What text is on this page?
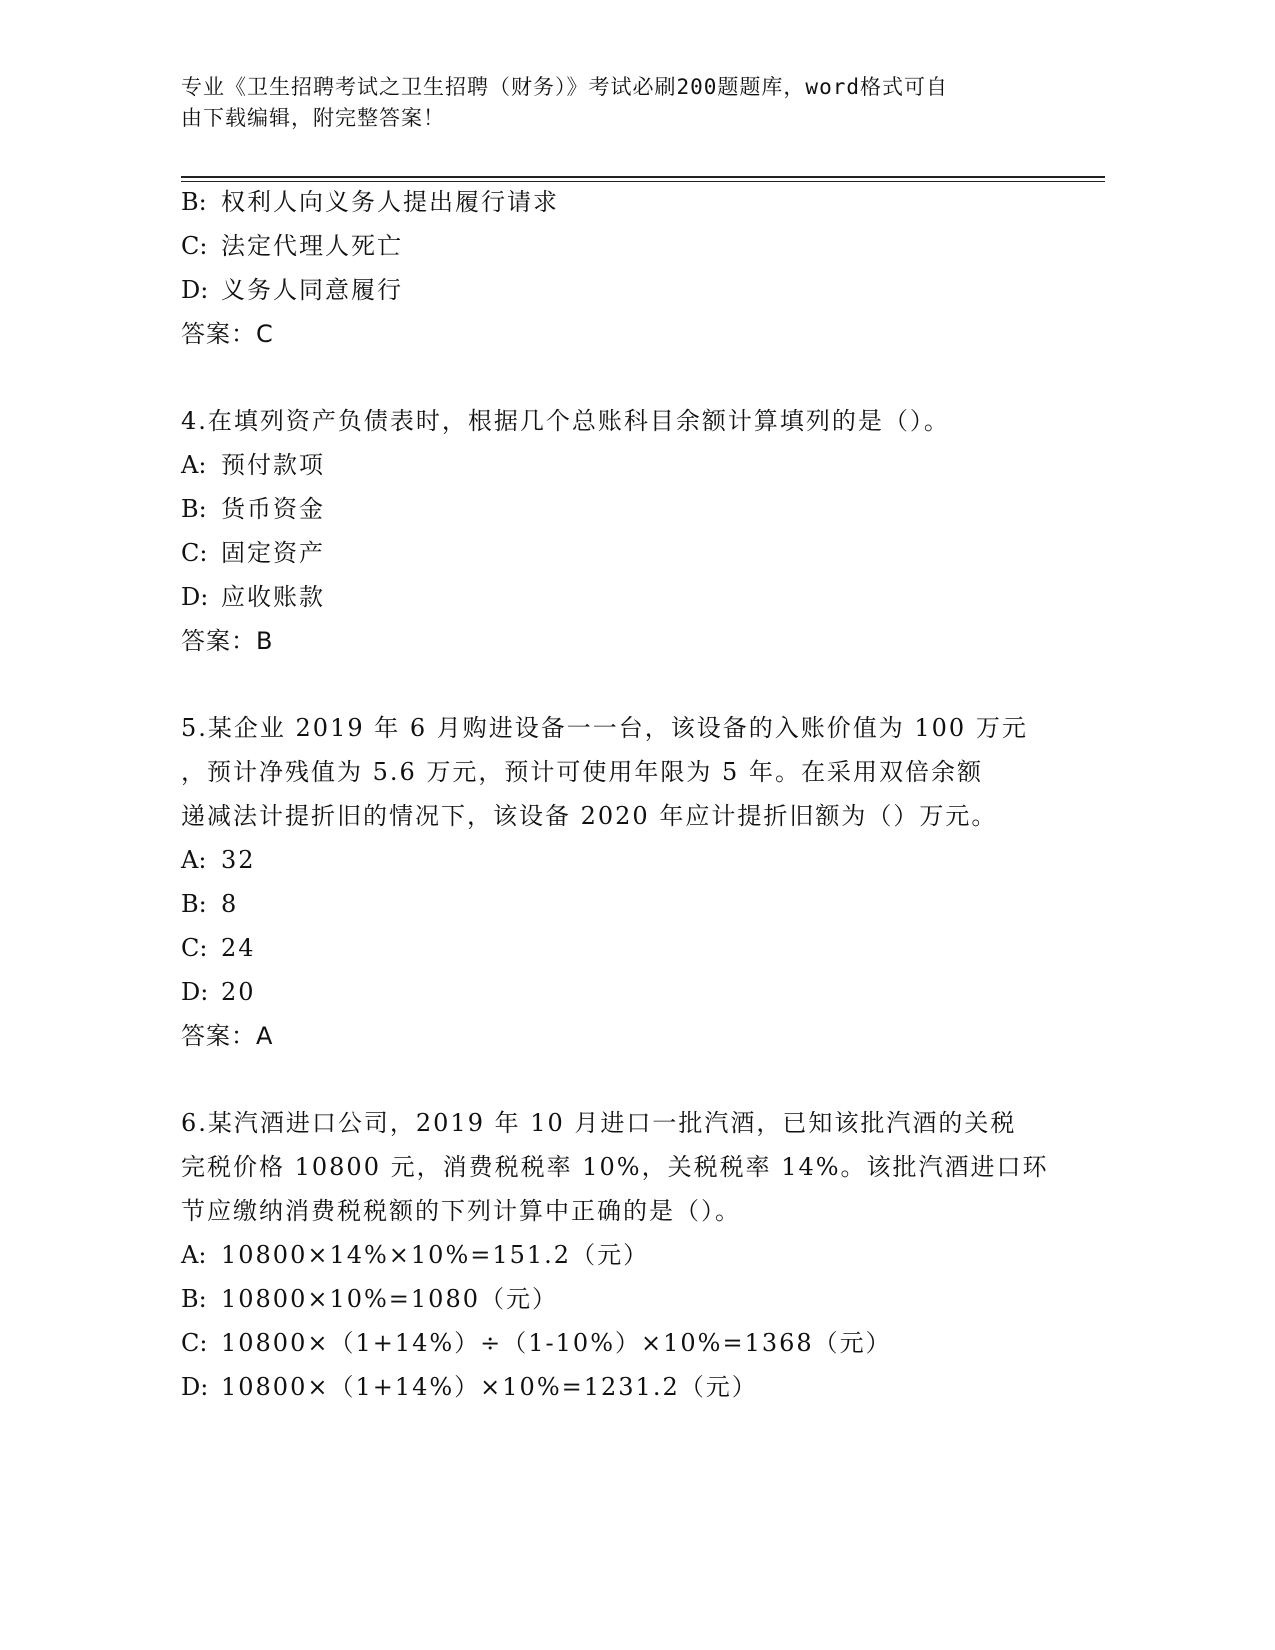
专业《卫生招聘考试之卫生招聘（财务）》考试必刷200题题库，word格式可自
由下载编辑，附完整答案！
B: 权利人向义务人提出履行请求
C: 法定代理人死亡
D: 义务人同意履行
答案：C
4.在填列资产负债表时，根据几个总账科目余额计算填列的是（）。
A: 预付款项
B: 货币资金
C: 固定资产
D: 应收账款
答案：B
5.某企业 2019 年 6 月购进设备一一台，该设备的入账价值为 100 万元
，预计净残值为 5.6 万元，预计可使用年限为 5 年。在采用双倍余额
递减法计提折旧的情况下，该设备 2020 年应计提折旧额为（）万元。
A: 32
B: 8
C: 24
D: 20
答案：A
6.某汽酒进口公司，2019 年 10 月进口一批汽酒，已知该批汽酒的关税
完税价格 10800 元，消费税税率 10%，关税税率 14%。该批汽酒进口环
节应缴纳消费税税额的下列计算中正确的是（）。
A: 10800×14%×10%=151.2（元）
B: 10800×10%=1080（元）
C: 10800×（1+14%）÷（1-10%）×10%=1368（元）
D: 10800×（1+14%）×10%=1231.2（元）
